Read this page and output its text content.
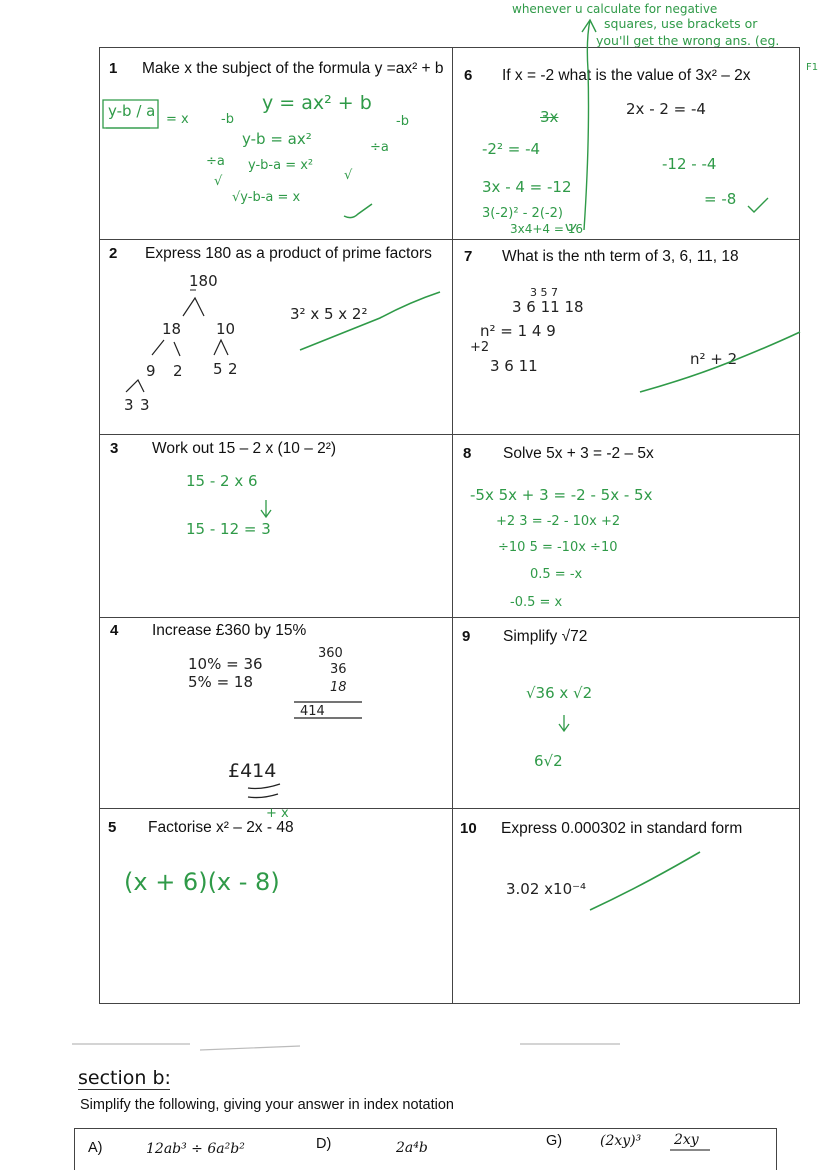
whenever u calculate for negative
squares, use brackets or
you'll get the wrong ans. (eg.
F1
1 Make x the subject of the formula y =ax² + b
2 Express 180 as a product of prime factors
3 Work out 15 – 2 x (10 – 2²)
4 Increase £360 by 15%
5 Factorise x² – 2x - 48
6 If x = -2 what is the value of 3x² – 2x
7 What is the nth term of 3, 6, 11, 18
8 Solve 5x + 3 = -2 – 5x
9 Simplify √72
10 Express 0.000302 in standard form
y-b / a = x -b
y = ax² + b
-b
y-b = ax²	÷a
y-b-a = x²
√
√y-b-a = x
÷a
√
180
18 10
9 2 5 2
3 3
3² x 5 x 2²
15 - 2 x 6
15 - 12 = 3
10% = 36
5% = 18
360
36
18
414
£414
+ x
(x + 6)(x - 8)
3x
-2² = -4
2x - 2 = -4
3x - 4 = -12
-12 - -4
= -8
3(-2)² - 2(-2)
3x4+4 = 16
3 5 7
3 6 11 18
n² = 1 4 9
+2
3 6 11	n² + 2
-5x 5x + 3 = -2 - 5x - 5x
+2 3 = -2 - 10x +2
÷10 5 = -10x ÷10
0.5 = -x
-0.5 = x
√36 x √2
6√2
3.02 x10⁻⁴
section b:
Simplify the following, giving your answer in index notation
A)	12ab³ ÷ 6a²b²	D)	2a⁴b	G)	(2xy)³ 2xy
